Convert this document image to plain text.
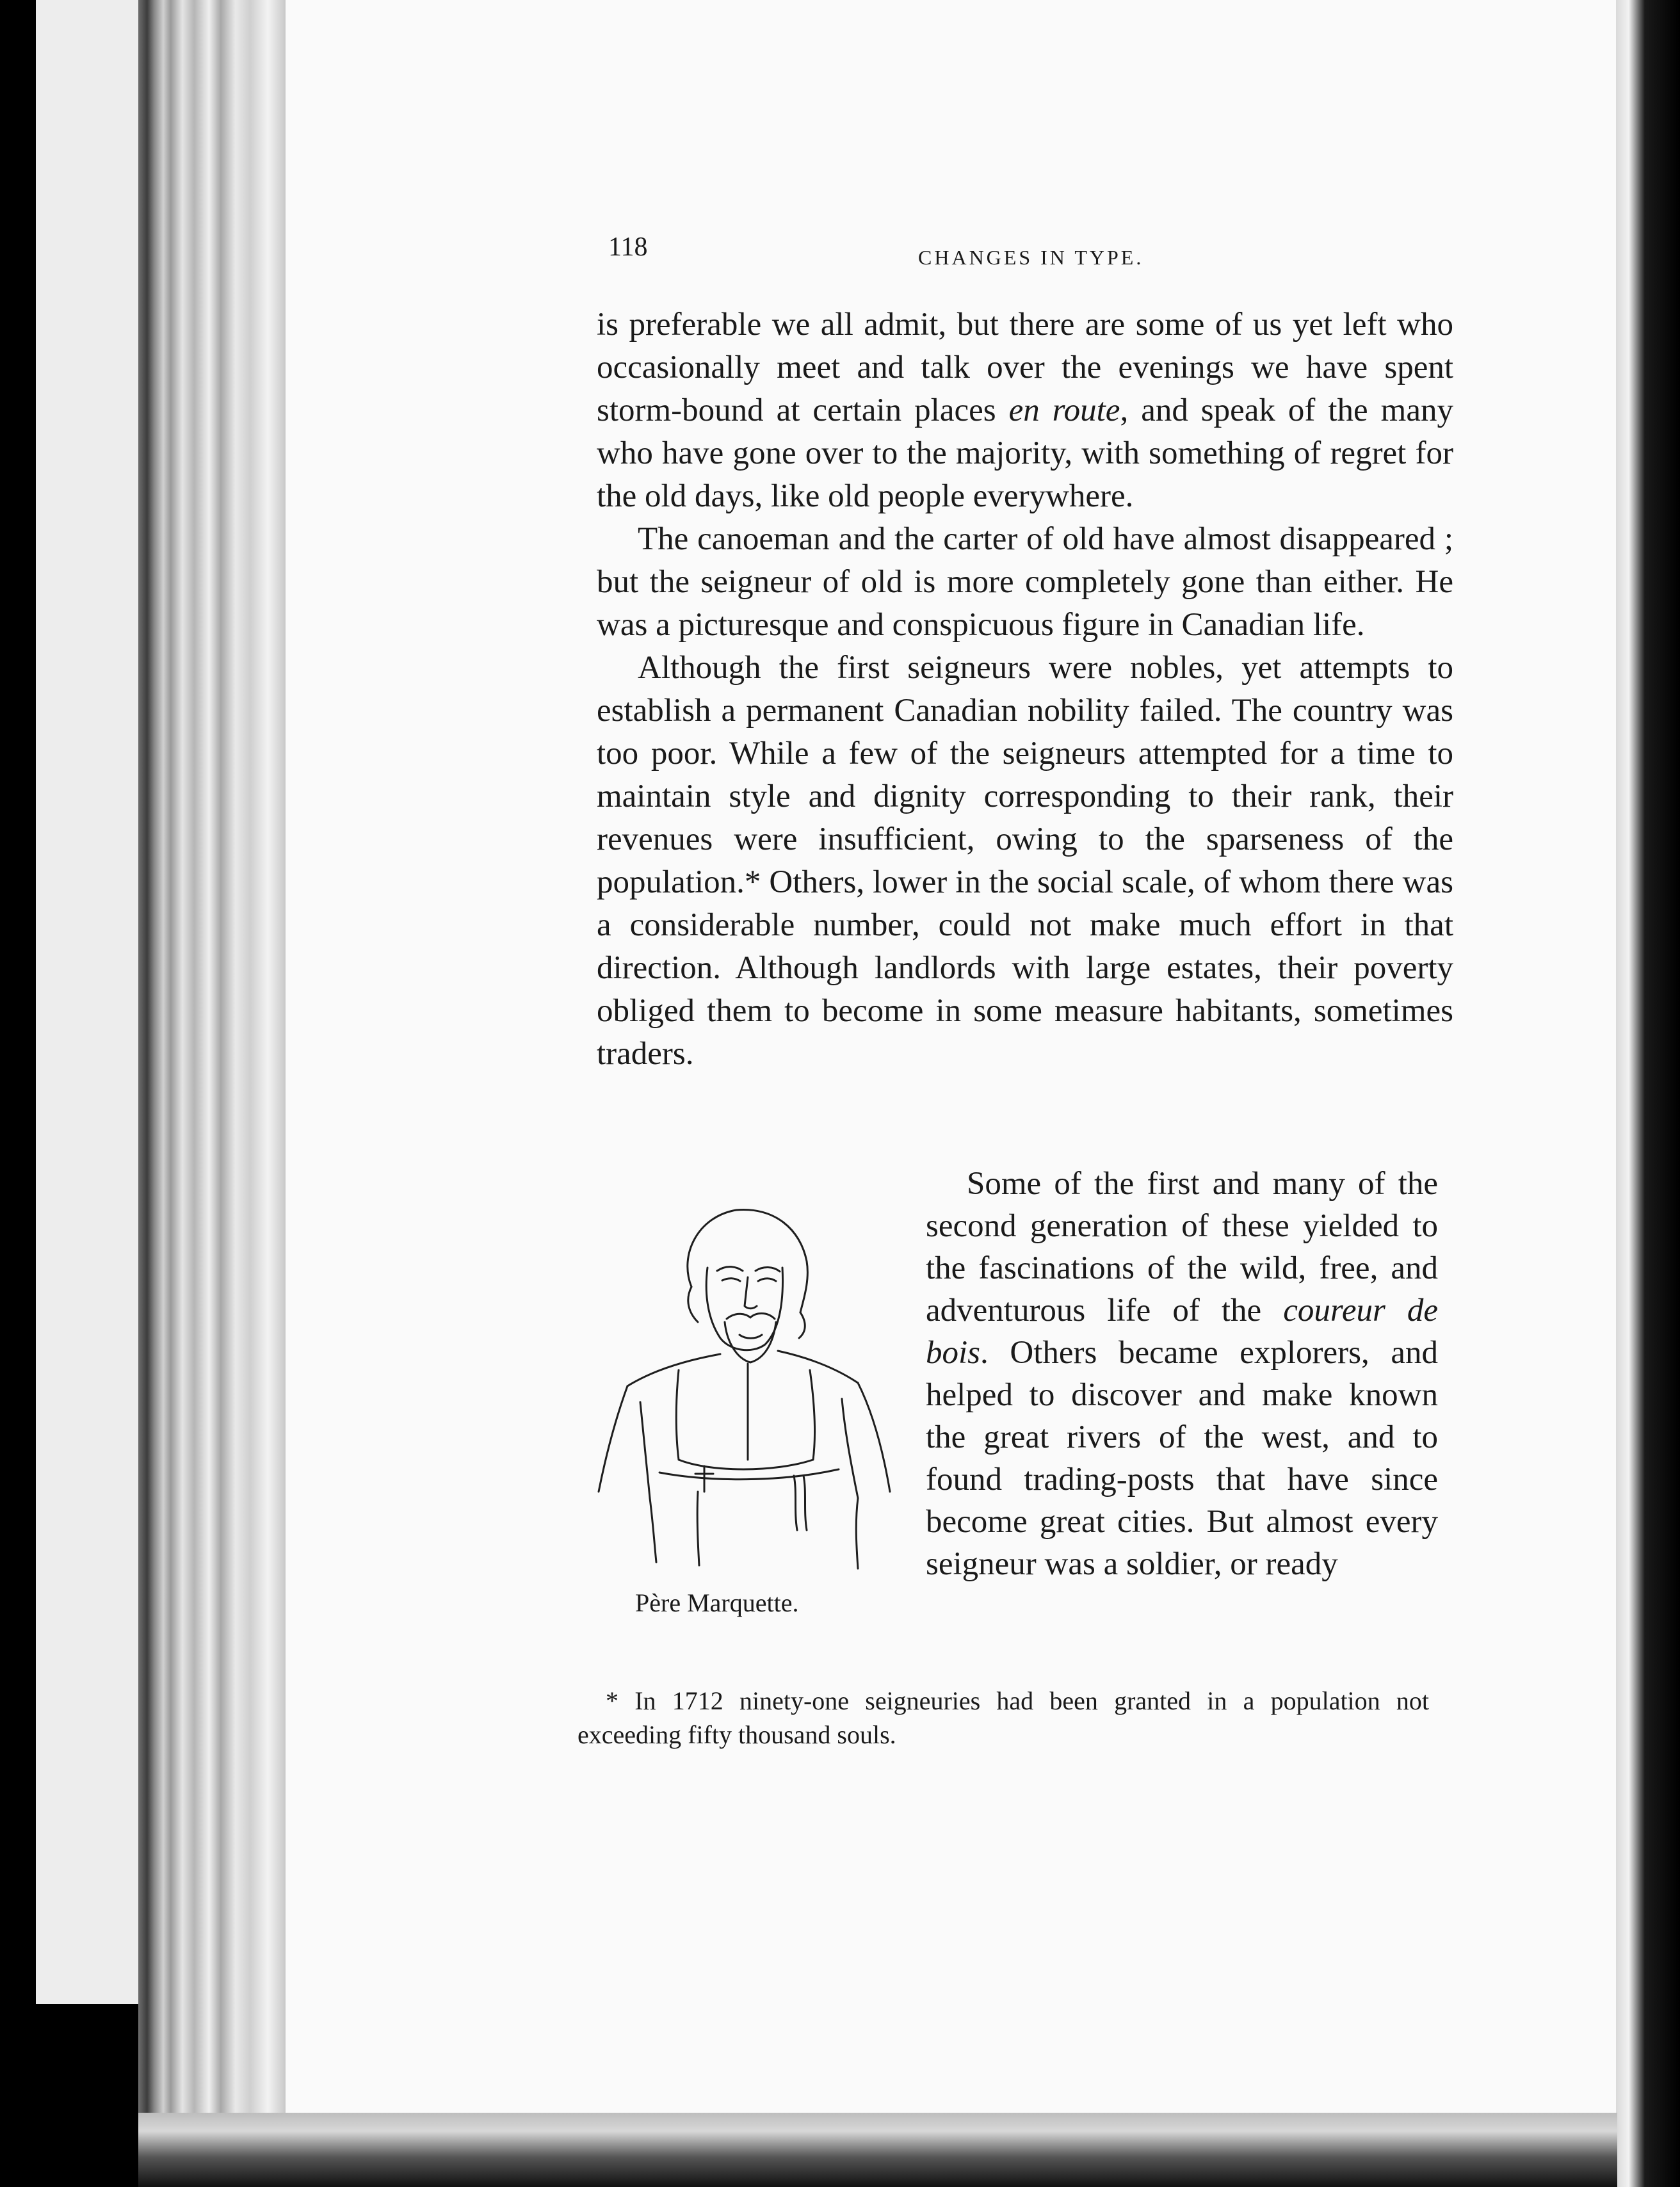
118	CHANGES IN TYPE.

is preferable we all admit, but there are some of us yet left who occasionally meet and talk over the evenings we have spent storm-bound at certain places en route, and speak of the many who have gone over to the majority, with something of regret for the old days, like old people everywhere.

The canoeman and the carter of old have almost disappeared ; but the seigneur of old is more completely gone than either. He was a picturesque and conspicuous figure in Canadian life.

Although the first seigneurs were nobles, yet attempts to establish a permanent Canadian nobility failed. The country was too poor. While a few of the seigneurs attempted for a time to maintain style and dignity corresponding to their rank, their revenues were insufficient, owing to the sparseness of the population.* Others, lower in the social scale, of whom there was a considerable number, could not make much effort in that direction. Although landlords with large estates, their poverty obliged them to become in some measure habitants, sometimes traders.

Some of the first and many of the second generation of these yielded to the fascinations of the wild, free, and adventurous life of the coureur de bois. Others became explorers, and helped to discover and make known the great rivers of the west, and to found trading-posts that have since become great cities. But almost every seigneur was a soldier, or ready

Père Marquette.

* In 1712 ninety-one seigneuries had been granted in a population not exceeding fifty thousand souls.
